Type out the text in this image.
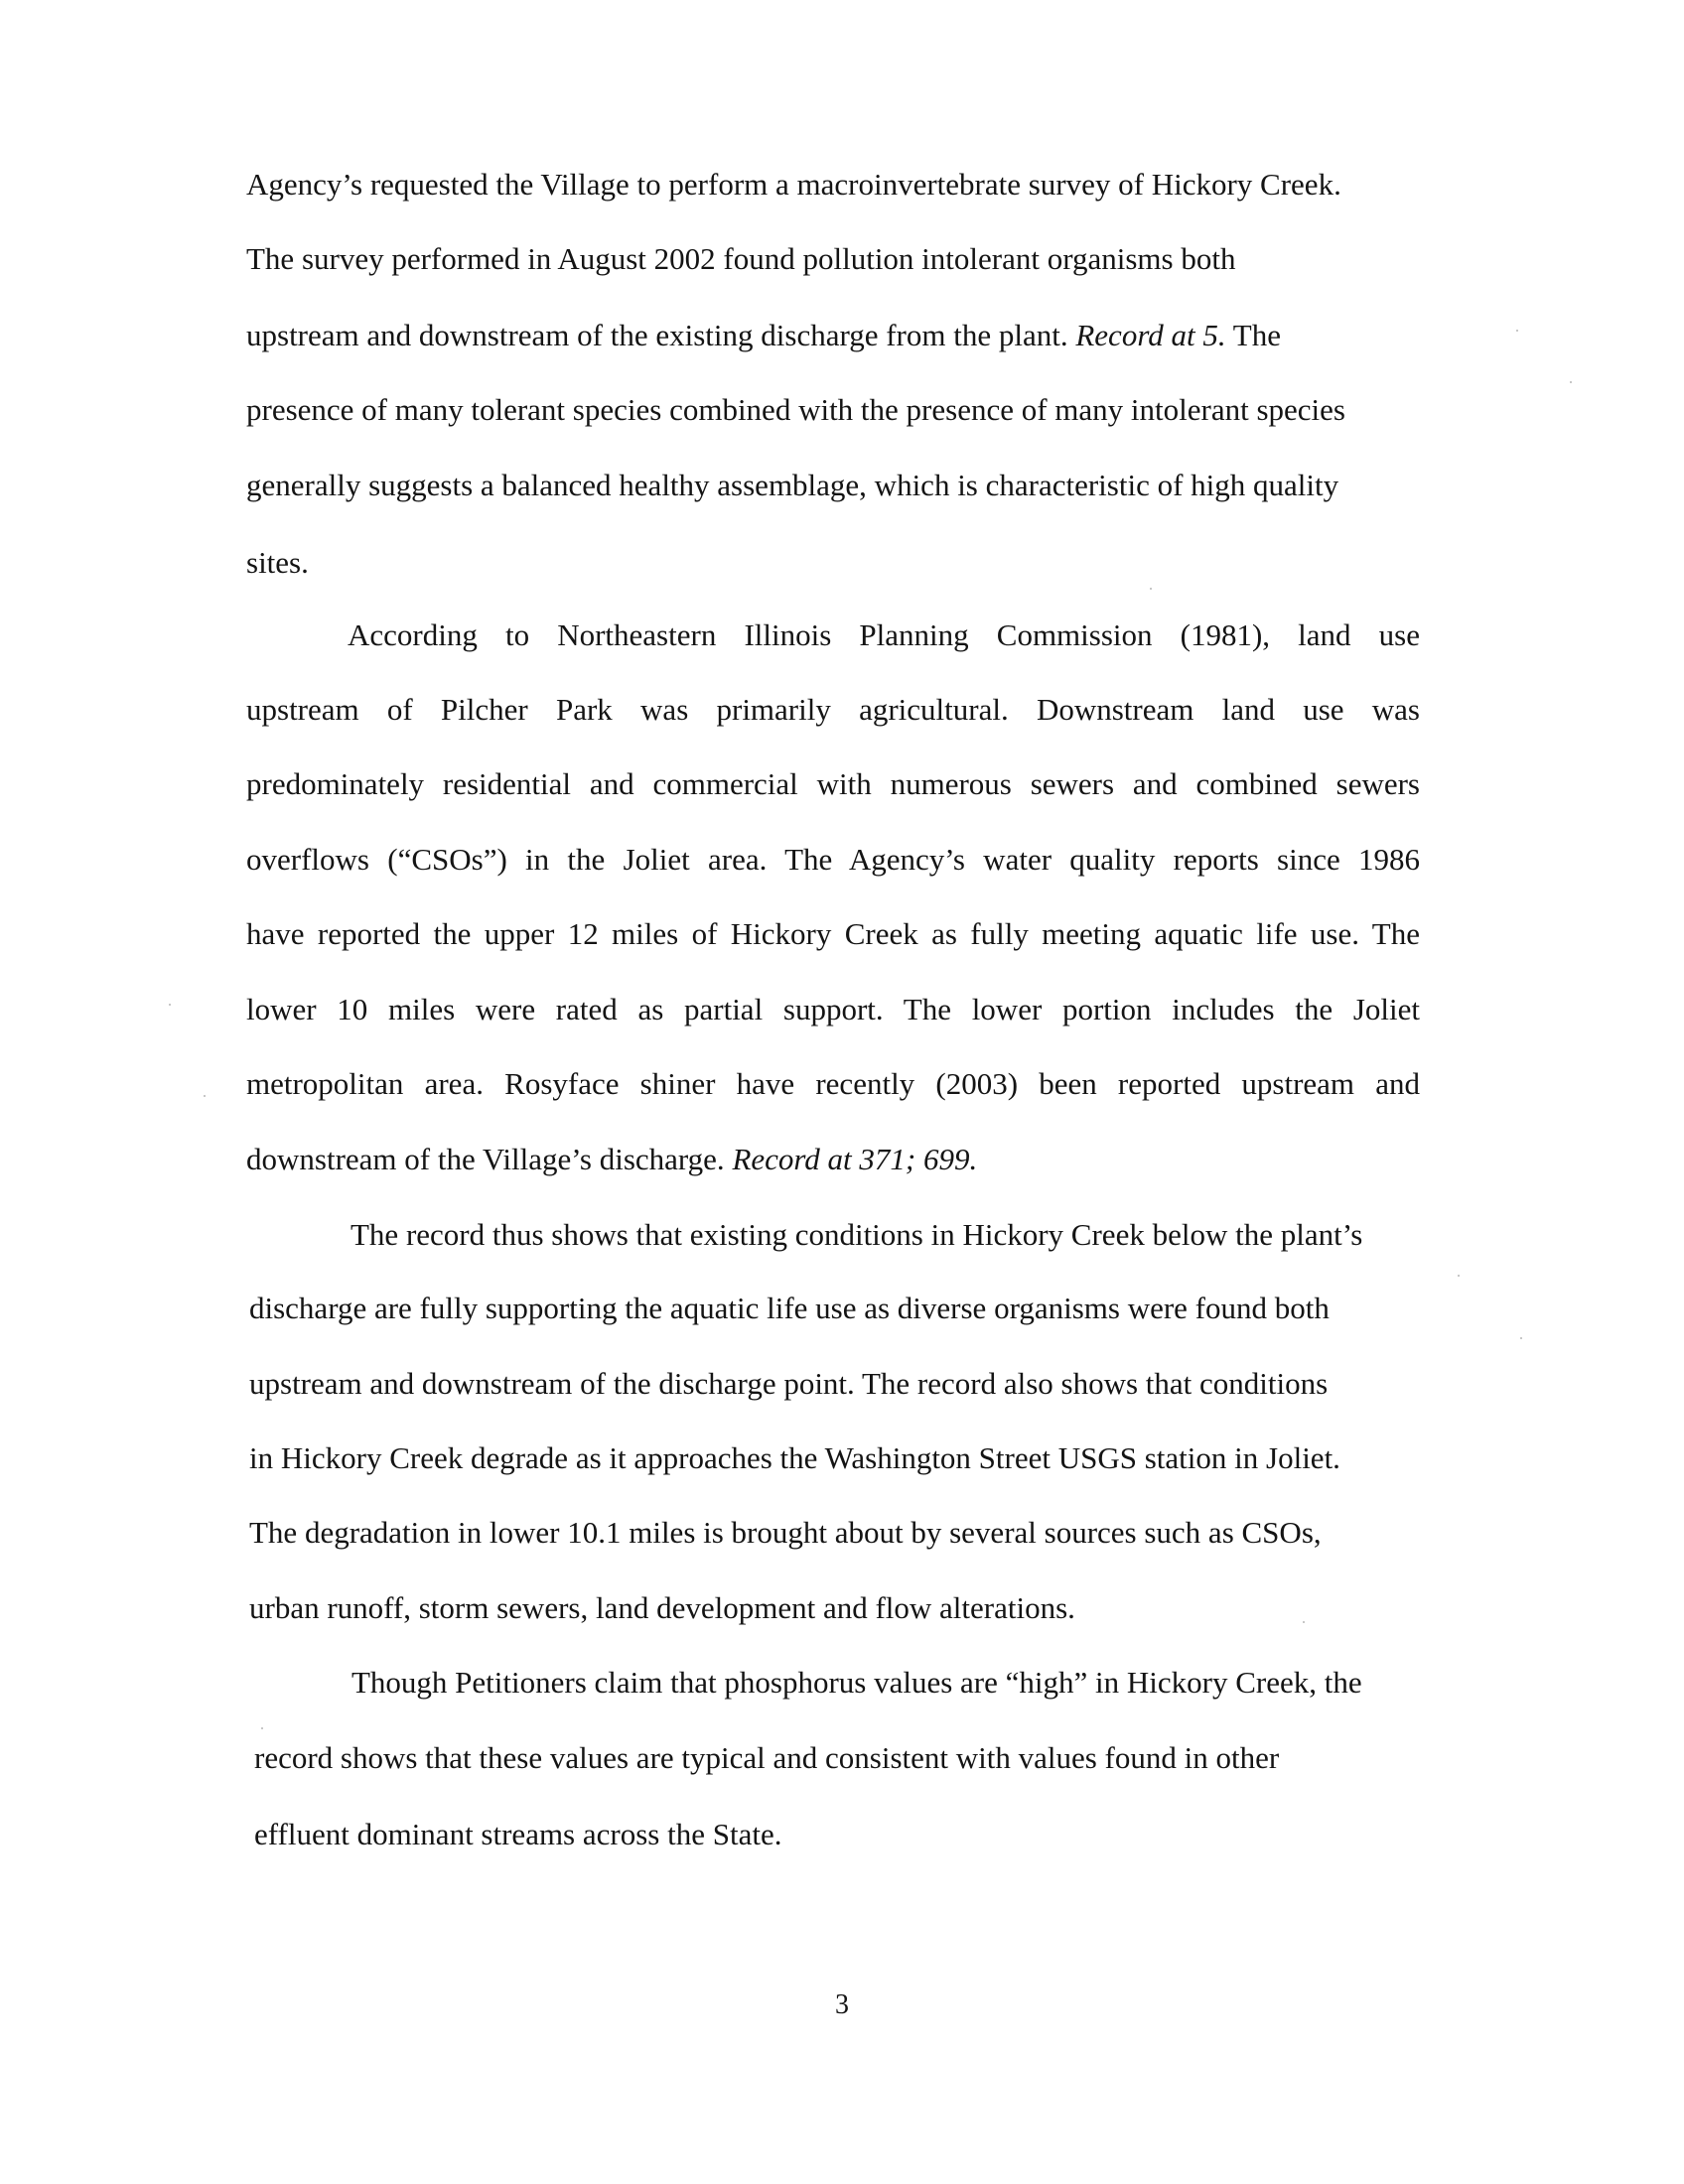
Agency’s requested the Village to perform a macroinvertebrate survey of Hickory Creek.
The survey performed in August 2002 found pollution intolerant organisms both
upstream and downstream of the existing discharge from the plant. Record at 5. The
presence of many tolerant species combined with the presence of many intolerant species
generally suggests a balanced healthy assemblage, which is characteristic of high quality
sites.
According to Northeastern Illinois Planning Commission (1981), land use
upstream of Pilcher Park was primarily agricultural. Downstream land use was
predominately residential and commercial with numerous sewers and combined sewers
overflows (“CSOs”) in the Joliet area. The Agency’s water quality reports since 1986
have reported the upper 12 miles of Hickory Creek as fully meeting aquatic life use. The
lower 10 miles were rated as partial support. The lower portion includes the Joliet
metropolitan area. Rosyface shiner have recently (2003) been reported upstream and
downstream of the Village’s discharge. Record at 371; 699.
The record thus shows that existing conditions in Hickory Creek below the plant’s
discharge are fully supporting the aquatic life use as diverse organisms were found both
upstream and downstream of the discharge point. The record also shows that conditions
in Hickory Creek degrade as it approaches the Washington Street USGS station in Joliet.
The degradation in lower 10.1 miles is brought about by several sources such as CSOs,
urban runoff, storm sewers, land development and flow alterations.
Though Petitioners claim that phosphorus values are “high” in Hickory Creek, the
record shows that these values are typical and consistent with values found in other
effluent dominant streams across the State.
3
